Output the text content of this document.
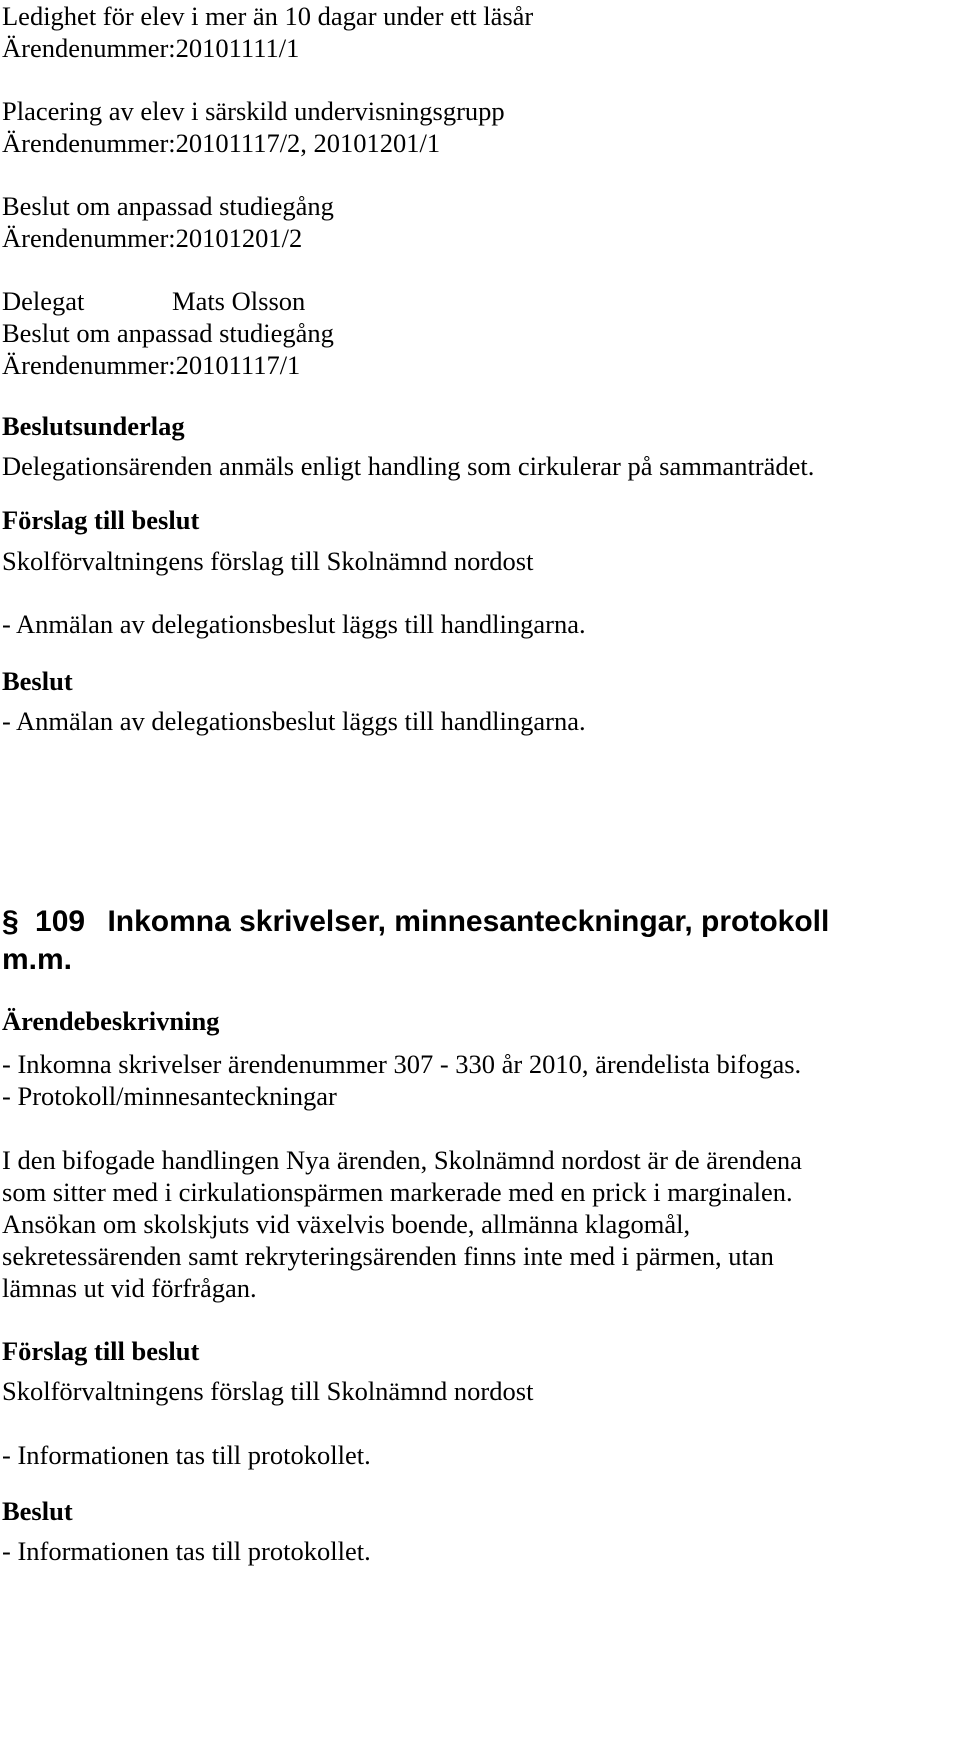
Ledighet för elev i mer än 10 dagar under ett läsår
Ärendenummer:20101111/1
Placering av elev i särskild undervisningsgrupp
Ärendenummer:20101117/2, 20101201/1
Beslut om anpassad studiegång
Ärendenummer:20101201/2
Delegat	Mats Olsson
Beslut om anpassad studiegång
Ärendenummer:20101117/1
Beslutsunderlag
Delegationsärenden anmäls enligt handling som cirkulerar på sammanträdet.
Förslag till beslut
Skolförvaltningens förslag till Skolnämnd nordost
- Anmälan av delegationsbeslut läggs till handlingarna.
Beslut
- Anmälan av delegationsbeslut läggs till handlingarna.
§ 109 Inkomna skrivelser, minnesanteckningar, protokoll
m.m.
Ärendebeskrivning
- Inkomna skrivelser ärendenummer 307 - 330 år 2010, ärendelista bifogas.
- Protokoll/minnesanteckningar
I den bifogade handlingen Nya ärenden, Skolnämnd nordost är de ärendena
som sitter med i cirkulationspärmen markerade med en prick i marginalen.
Ansökan om skolskjuts vid växelvis boende, allmänna klagomål,
sekretessärenden samt rekryteringsärenden finns inte med i pärmen, utan
lämnas ut vid förfrågan.
Förslag till beslut
Skolförvaltningens förslag till Skolnämnd nordost
- Informationen tas till protokollet.
Beslut
- Informationen tas till protokollet.
